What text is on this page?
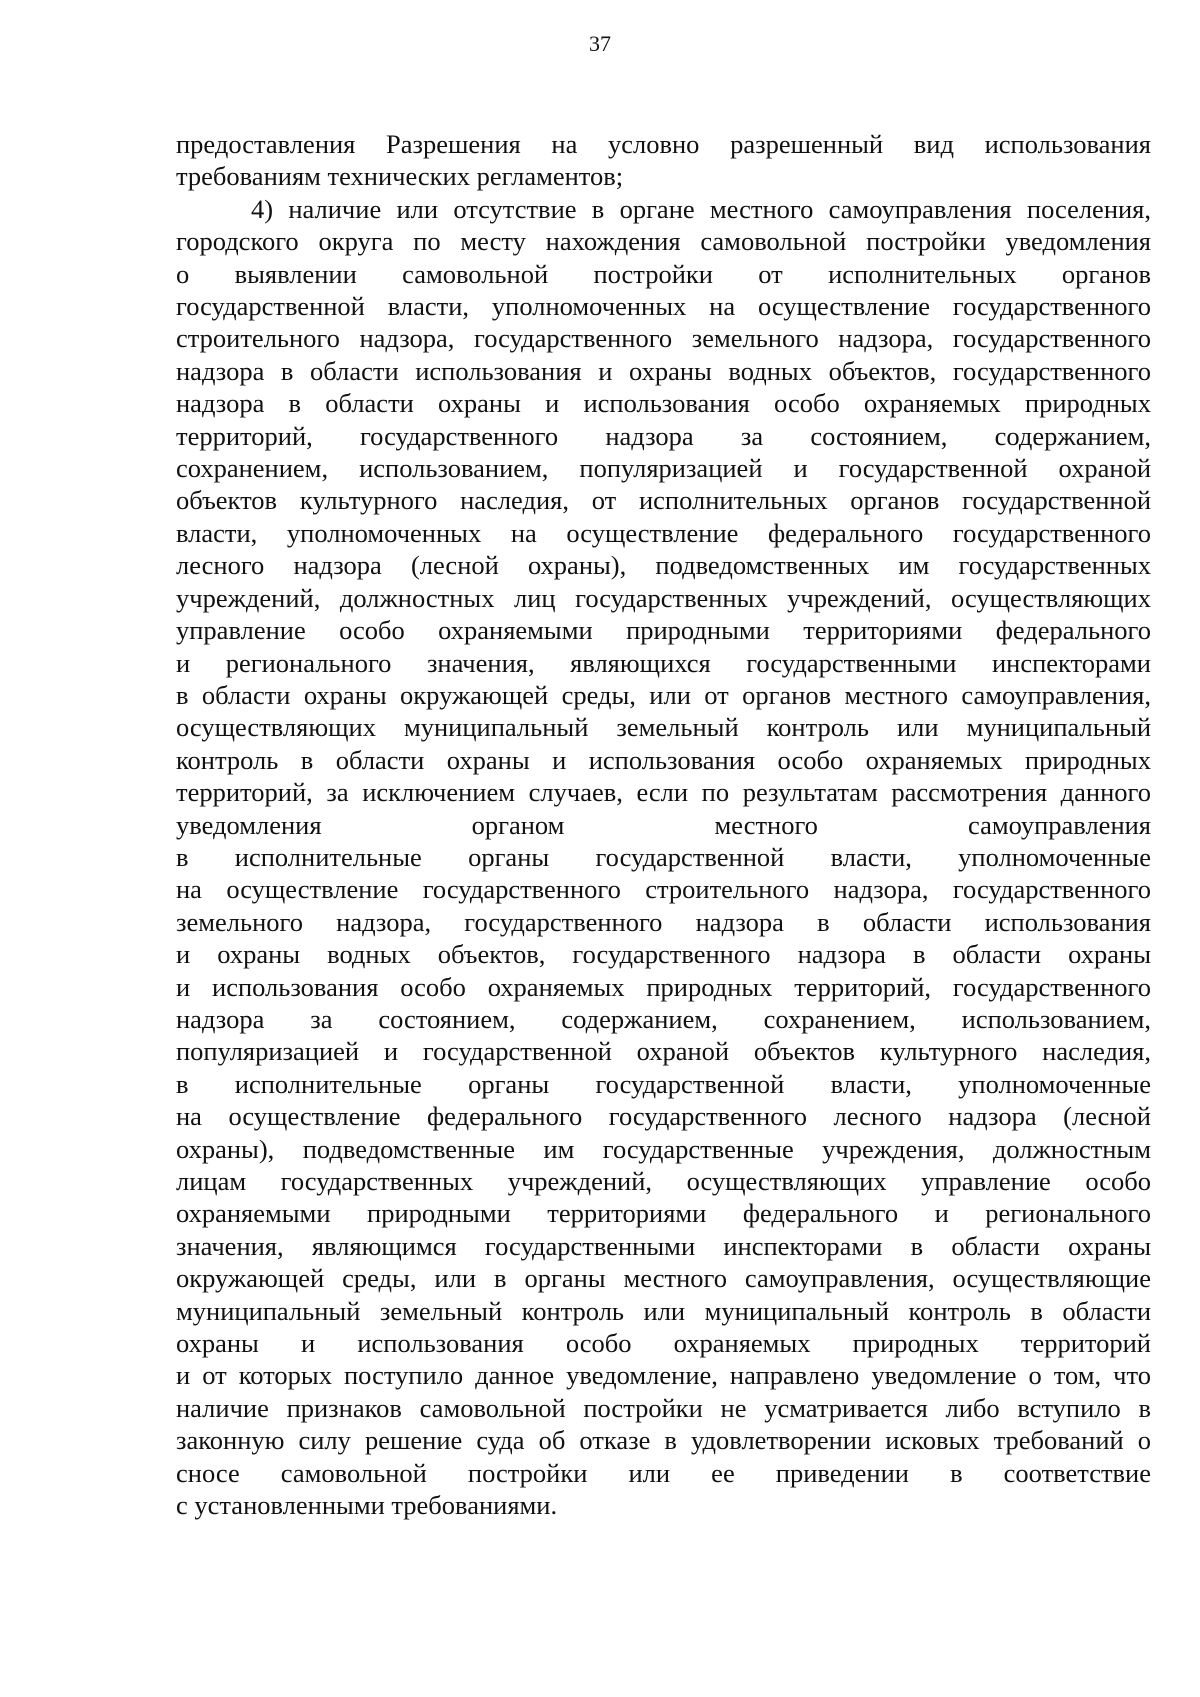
37

предоставления Разрешения на условно разрешенный вид использования
требованиям технических регламентов;

4) наличие или отсутствие в органе местного самоуправления поселения,
городского округа по месту нахождения самовольной постройки уведомления
о выявлении самовольной постройки от исполнительных органов
государственной власти, уполномоченных на осуществление государственного
строительного надзора, государственного земельного надзора, государственного
надзора в области использования и охраны водных объектов, государственного
надзора в области охраны и использования особо охраняемых природных
территорий, государственного надзора за состоянием, содержанием,
сохранением, использованием, популяризацией и государственной охраной
объектов культурного наследия, от исполнительных органов государственной
власти, уполномоченных на осуществление федерального государственного
лесного надзора (лесной охраны), подведомственных им государственных
учреждений, должностных лиц государственных учреждений, осуществляющих
управление особо охраняемыми природными территориями федерального
и регионального значения, являющихся государственными инспекторами
в области охраны окружающей среды, или от органов местного самоуправления,
осуществляющих муниципальный земельный контроль или муниципальный
контроль в области охраны и использования особо охраняемых природных
территорий, за исключением случаев, если по результатам рассмотрения данного
уведомления органом местного самоуправления
в исполнительные органы государственной власти, уполномоченные
на осуществление государственного строительного надзора, государственного
земельного надзора, государственного надзора в области использования
и охраны водных объектов, государственного надзора в области охраны
и использования особо охраняемых природных территорий, государственного
надзора за состоянием, содержанием, сохранением, использованием,
популяризацией и государственной охраной объектов культурного наследия,
в исполнительные органы государственной власти, уполномоченные
на осуществление федерального государственного лесного надзора (лесной
охраны), подведомственные им государственные учреждения, должностным
лицам государственных учреждений, осуществляющих управление особо
охраняемыми природными территориями федерального и регионального
значения, являющимся государственными инспекторами в области охраны
окружающей среды, или в органы местного самоуправления, осуществляющие
муниципальный земельный контроль или муниципальный контроль в области
охраны и использования особо охраняемых природных территорий
и от которых поступило данное уведомление, направлено уведомление о том, что
наличие признаков самовольной постройки не усматривается либо вступило в
законную силу решение суда об отказе в удовлетворении исковых требований о
сносе самовольной постройки или ее приведении в соответствие
с установленными требованиями.
